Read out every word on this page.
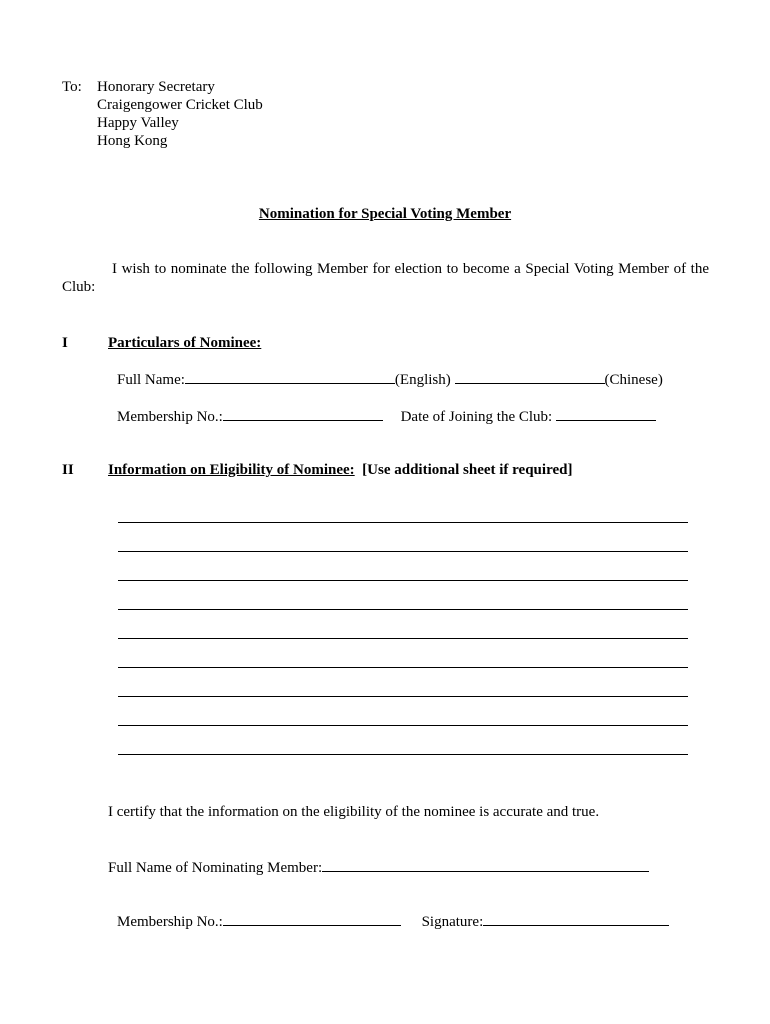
To: Honorary Secretary
Craigengower Cricket Club
Happy Valley
Hong Kong
Nomination for Special Voting Member
I wish to nominate the following Member for election to become a Special Voting Member of the Club:
I	Particulars of Nominee:
Full Name:	(English)	(Chinese)
Membership No.:	Date of Joining the Club:
II Information on Eligibility of Nominee: [Use additional sheet if required]
I certify that the information on the eligibility of the nominee is accurate and true.
Full Name of Nominating Member:
Membership No.:	Signature:
